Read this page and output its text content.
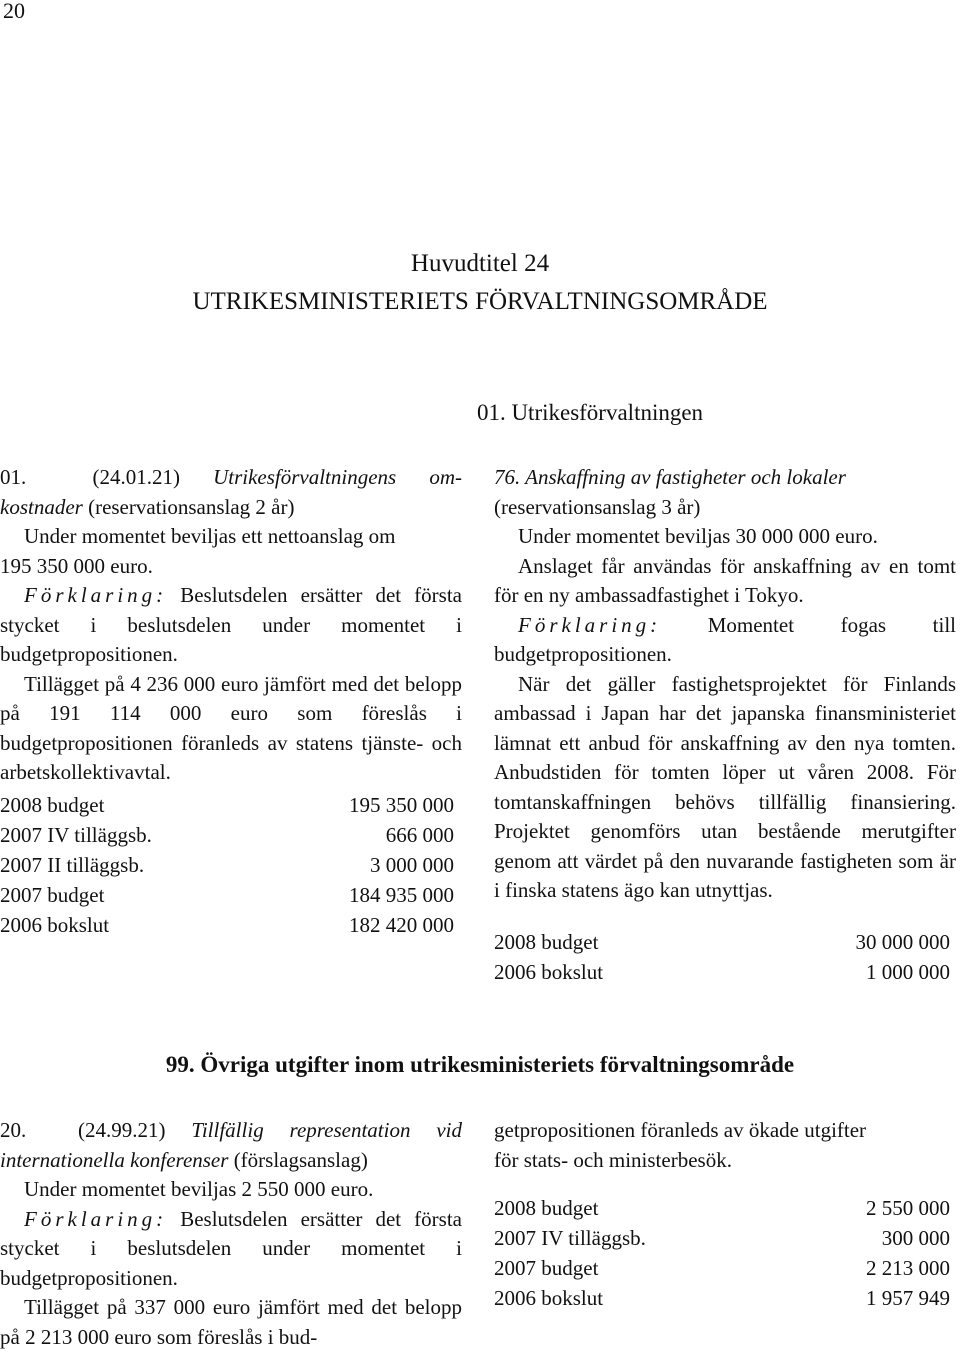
20
Huvudtitel 24
UTRIKESMINISTERIETS FÖRVALTNINGSOMRÅDE
01. Utrikesförvaltningen

01.	(24.01.21) Utrikesförvaltningens om-

kostnader (reservationsanslag 2 år)

Under momentet beviljas ett nettoanslag om
195 350 000 euro.

Förklaring: Beslutsdelen ersätter det första stycket i beslutsdelen under momentet i budgetpropositionen.

Tillägget på 4 236 000 euro jämfört med det belopp på 191 114 000 euro som föreslås i budgetpropositionen föranleds av statens tjänste- och arbetskollektivavtal.

2008 budget	195 350 000
2007 IV tilläggsb.	666 000
2007 II tilläggsb.	3 000 000
2007 budget	184 935 000
2006 bokslut	182 420 000

76. Anskaffning av fastigheter och lokaler

(reservationsanslag 3 år)

Under momentet beviljas 30 000 000 euro.

Anslaget får användas för anskaffning av en tomt för en ny ambassadfastighet i Tokyo.

Förklaring: Momentet fogas till budgetpropositionen.

När det gäller fastighetsprojektet för Finlands ambassad i Japan har det japanska finansministeriet lämnat ett anbud för anskaffning av den nya tomten. Anbudstiden för tomten löper ut våren 2008. För tomtanskaffningen behövs tillfällig finansiering. Projektet genomförs utan bestående merutgifter genom att värdet på den nuvarande fastigheten som är i finska statens ägo kan utnyttjas.

2008 budget	30 000 000
2006 bokslut	1 000 000
99. Övriga utgifter inom utrikesministeriets förvaltningsområde

20. (24.99.21) Tillfällig representation vid

internationella konferenser (förslagsanslag)

Under momentet beviljas 2 550 000 euro.

Förklaring: Beslutsdelen ersätter det första stycket i beslutsdelen under momentet i budgetpropositionen.

Tillägget på 337 000 euro jämfört med det belopp på 2 213 000 euro som föreslås i bud-

getpropositionen föranleds av ökade utgifter
för stats- och ministerbesök.

2008 budget	2 550 000
2007 IV tilläggsb.	300 000
2007 budget	2 213 000
2006 bokslut	1 957 949
